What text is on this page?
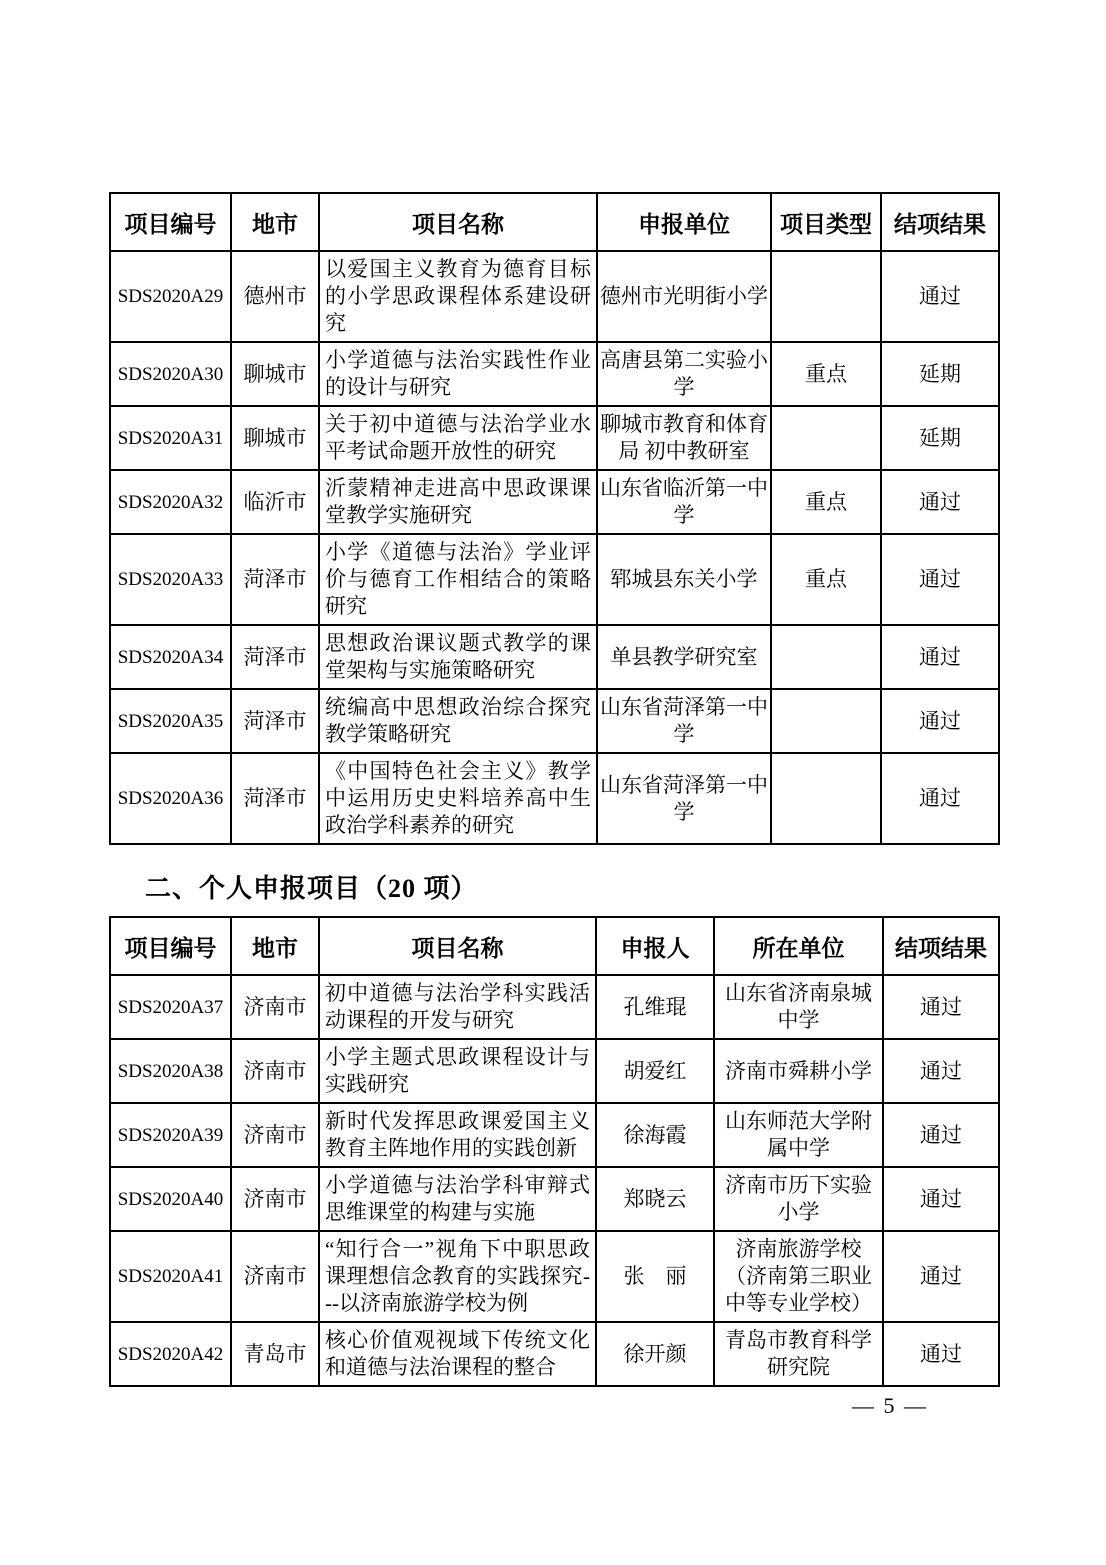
项目编号	地市	项目名称	申报单位	项目类型	结项结果
SDS2020A29	德州市	以爱国主义教育为德育目标的小学思政课程体系建设研究	德州市光明街小学		通过
SDS2020A30	聊城市	小学道德与法治实践性作业的设计与研究	高唐县第二实验小学	重点	延期
SDS2020A31	聊城市	关于初中道德与法治学业水平考试命题开放性的研究	聊城市教育和体育局 初中教研室		延期
SDS2020A32	临沂市	沂蒙精神走进高中思政课课堂教学实施研究	山东省临沂第一中学	重点	通过
SDS2020A33	菏泽市	小学《道德与法治》学业评价与德育工作相结合的策略研究	郓城县东关小学	重点	通过
SDS2020A34	菏泽市	思想政治课议题式教学的课堂架构与实施策略研究	单县教学研究室		通过
SDS2020A35	菏泽市	统编高中思想政治综合探究教学策略研究	山东省菏泽第一中学		通过
SDS2020A36	菏泽市	《中国特色社会主义》教学中运用历史史料培养高中生政治学科素养的研究	山东省菏泽第一中学		通过
二、个人申报项目（20 项）
项目编号	地市	项目名称	申报人	所在单位	结项结果
SDS2020A37	济南市	初中道德与法治学科实践活动课程的开发与研究	孔维琨	山东省济南泉城中学	通过
SDS2020A38	济南市	小学主题式思政课程设计与实践研究	胡爱红	济南市舜耕小学	通过
SDS2020A39	济南市	新时代发挥思政课爱国主义教育主阵地作用的实践创新	徐海霞	山东师范大学附属中学	通过
SDS2020A40	济南市	小学道德与法治学科审辩式思维课堂的构建与实施	郑晓云	济南市历下实验小学	通过
SDS2020A41	济南市	“知行合一”视角下中职思政课理想信念教育的实践探究---以济南旅游学校为例	张　丽	济南旅游学校（济南第三职业中等专业学校）	通过
SDS2020A42	青岛市	核心价值观视域下传统文化和道德与法治课程的整合	徐开颜	青岛市教育科学研究院	通过
— 5 —
